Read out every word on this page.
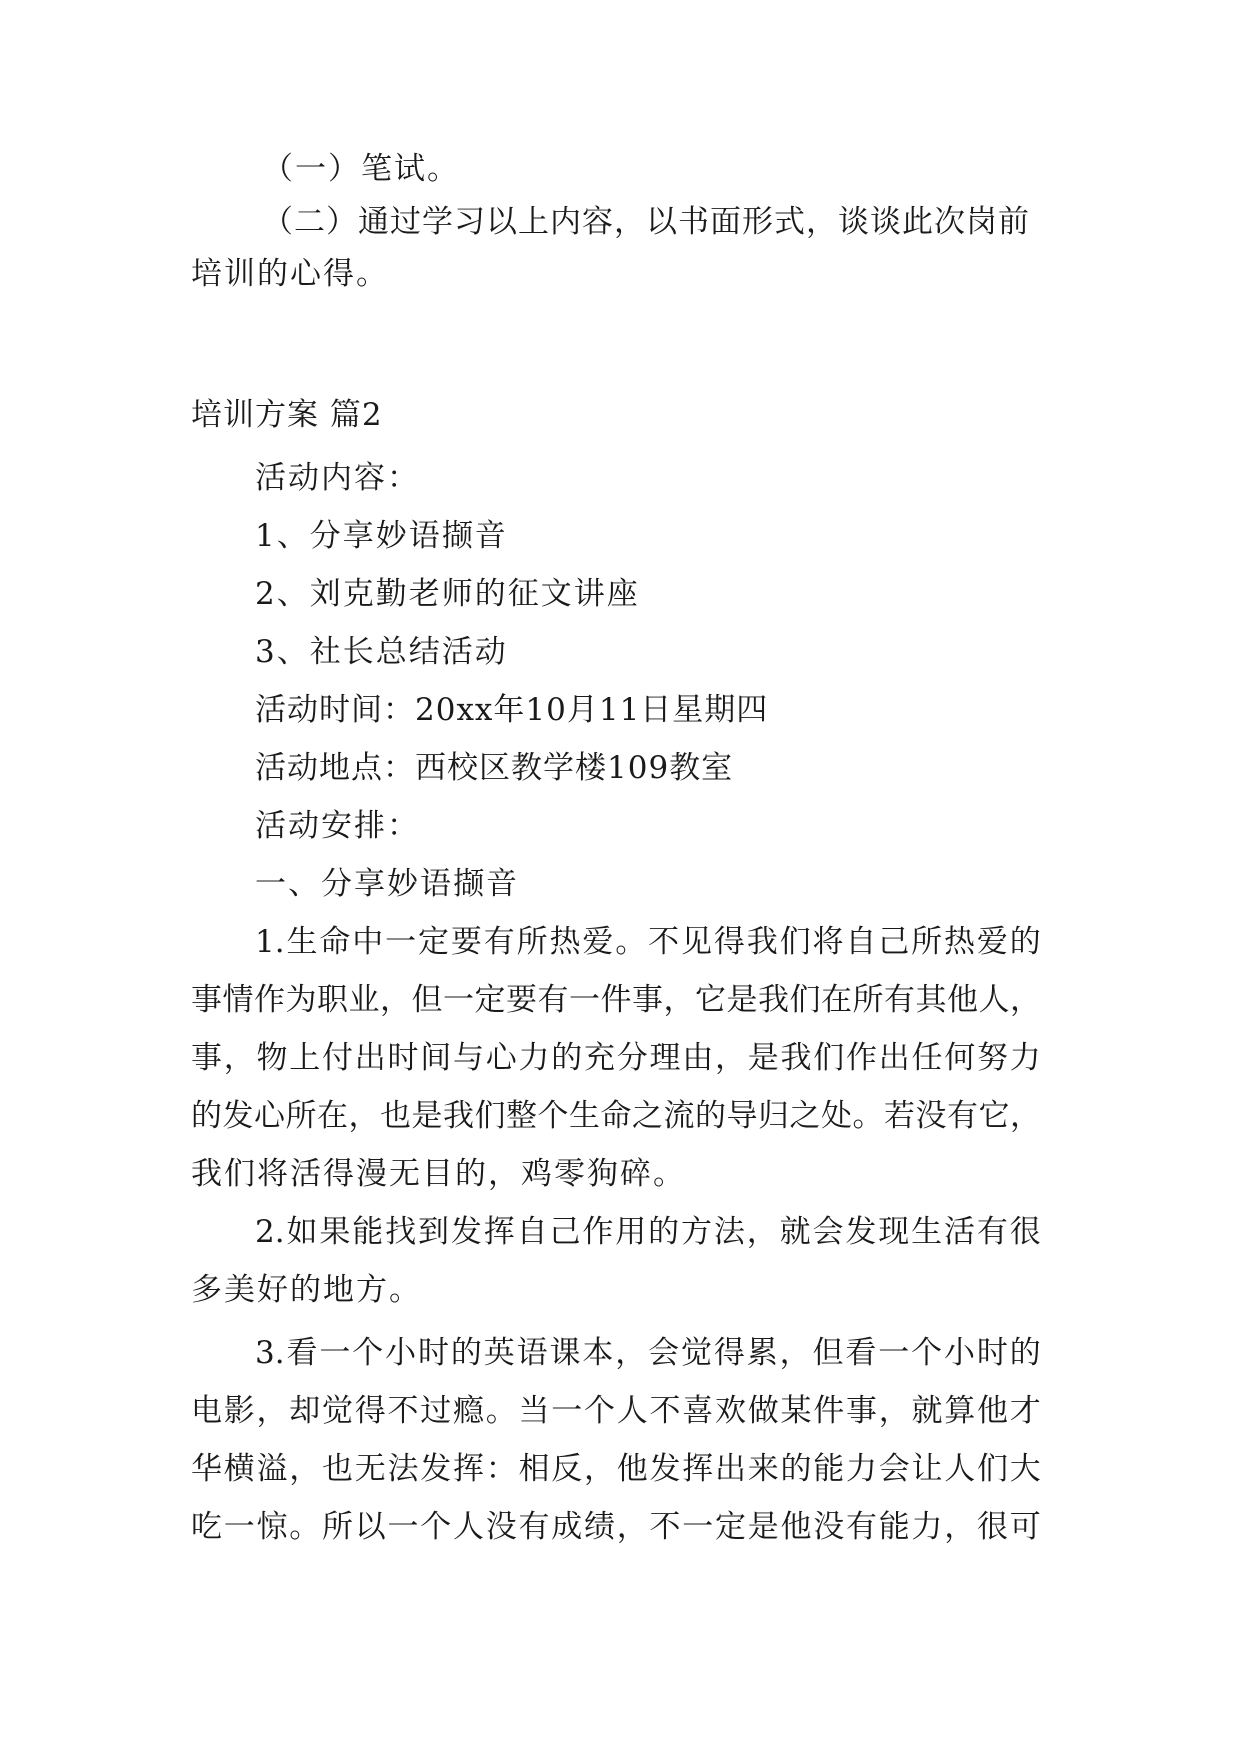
（一）笔试。
（ 二 ） 通 过 学 习 以 上 内 容 ， 以 书 面 形 式 ， 谈 谈 此 次 岗 前
培训的心得。
培训方案 篇2
活动内容：
1、分享妙语撷音
2、刘克勤老师的征文讲座
3、社长总结活动
活动时间：20xx年10月11日星期四
活动地点：西校区教学楼109教室
活动安排：
一、分享妙语撷音
1. 生 命 中 一 定 要 有 所 热 爱 。 不 见 得 我 们 将 自 己 所 热 爱 的
事 情 作 为 职 业 ， 但 一 定 要 有 一 件 事 ， 它 是 我 们 在 所 有 其 他 人 ，
事 ， 物 上 付 出 时 间 与 心 力 的 充 分 理 由 ， 是 我 们 作 出 任 何 努 力
的 发 心 所 在 ， 也 是 我 们 整 个 生 命 之 流 的 导 归 之 处 。 若 没 有 它 ，
我们将活得漫无目的，鸡零狗碎。
2. 如 果 能 找 到 发 挥 自 己 作 用 的 方 法 ， 就 会 发 现 生 活 有 很
多美好的地方。
3. 看 一 个 小 时 的 英 语 课 本 ， 会 觉 得 累 ， 但 看 一 个 小 时 的
电 影 ， 却 觉 得 不 过 瘾 。 当 一 个 人 不 喜 欢 做 某 件 事 ， 就 算 他 才
华 横 溢 ， 也 无 法 发 挥 ： 相 反 ， 他 发 挥 出 来 的 能 力 会 让 人 们 大
吃 一 惊 。 所 以 一 个 人 没 有 成 绩 ， 不 一 定 是 他 没 有 能 力 ， 很 可
